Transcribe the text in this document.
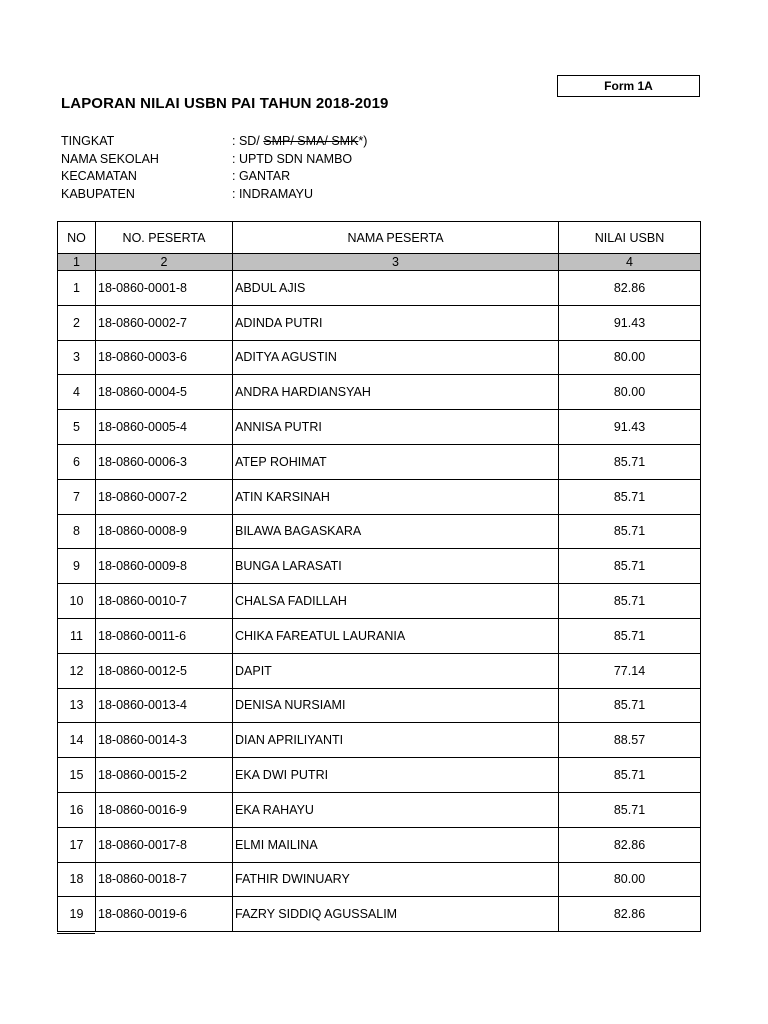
Form 1A
LAPORAN NILAI USBN PAI TAHUN 2018-2019
TINGKAT	: SD/ SMP/ SMA/ SMK*)
NAMA SEKOLAH	: UPTD SDN NAMBO
KECAMATAN	: GANTAR
KABUPATEN	: INDRAMAYU
NO	NO. PESERTA	NAMA PESERTA	NILAI USBN
1	2	3	4
1	18-0860-0001-8	ABDUL AJIS	82.86
2	18-0860-0002-7	ADINDA PUTRI	91.43
3	18-0860-0003-6	ADITYA AGUSTIN	80.00
4	18-0860-0004-5	ANDRA HARDIANSYAH	80.00
5	18-0860-0005-4	ANNISA PUTRI	91.43
6	18-0860-0006-3	ATEP ROHIMAT	85.71
7	18-0860-0007-2	ATIN KARSINAH	85.71
8	18-0860-0008-9	BILAWA BAGASKARA	85.71
9	18-0860-0009-8	BUNGA LARASATI	85.71
10	18-0860-0010-7	CHALSA FADILLAH	85.71
11	18-0860-0011-6	CHIKA FAREATUL LAURANIA	85.71
12	18-0860-0012-5	DAPIT	77.14
13	18-0860-0013-4	DENISA NURSIAMI	85.71
14	18-0860-0014-3	DIAN APRILIYANTI	88.57
15	18-0860-0015-2	EKA DWI PUTRI	85.71
16	18-0860-0016-9	EKA RAHAYU	85.71
17	18-0860-0017-8	ELMI MAILINA	82.86
18	18-0860-0018-7	FATHIR DWINUARY	80.00
19	18-0860-0019-6	FAZRY SIDDIQ AGUSSALIM	82.86
